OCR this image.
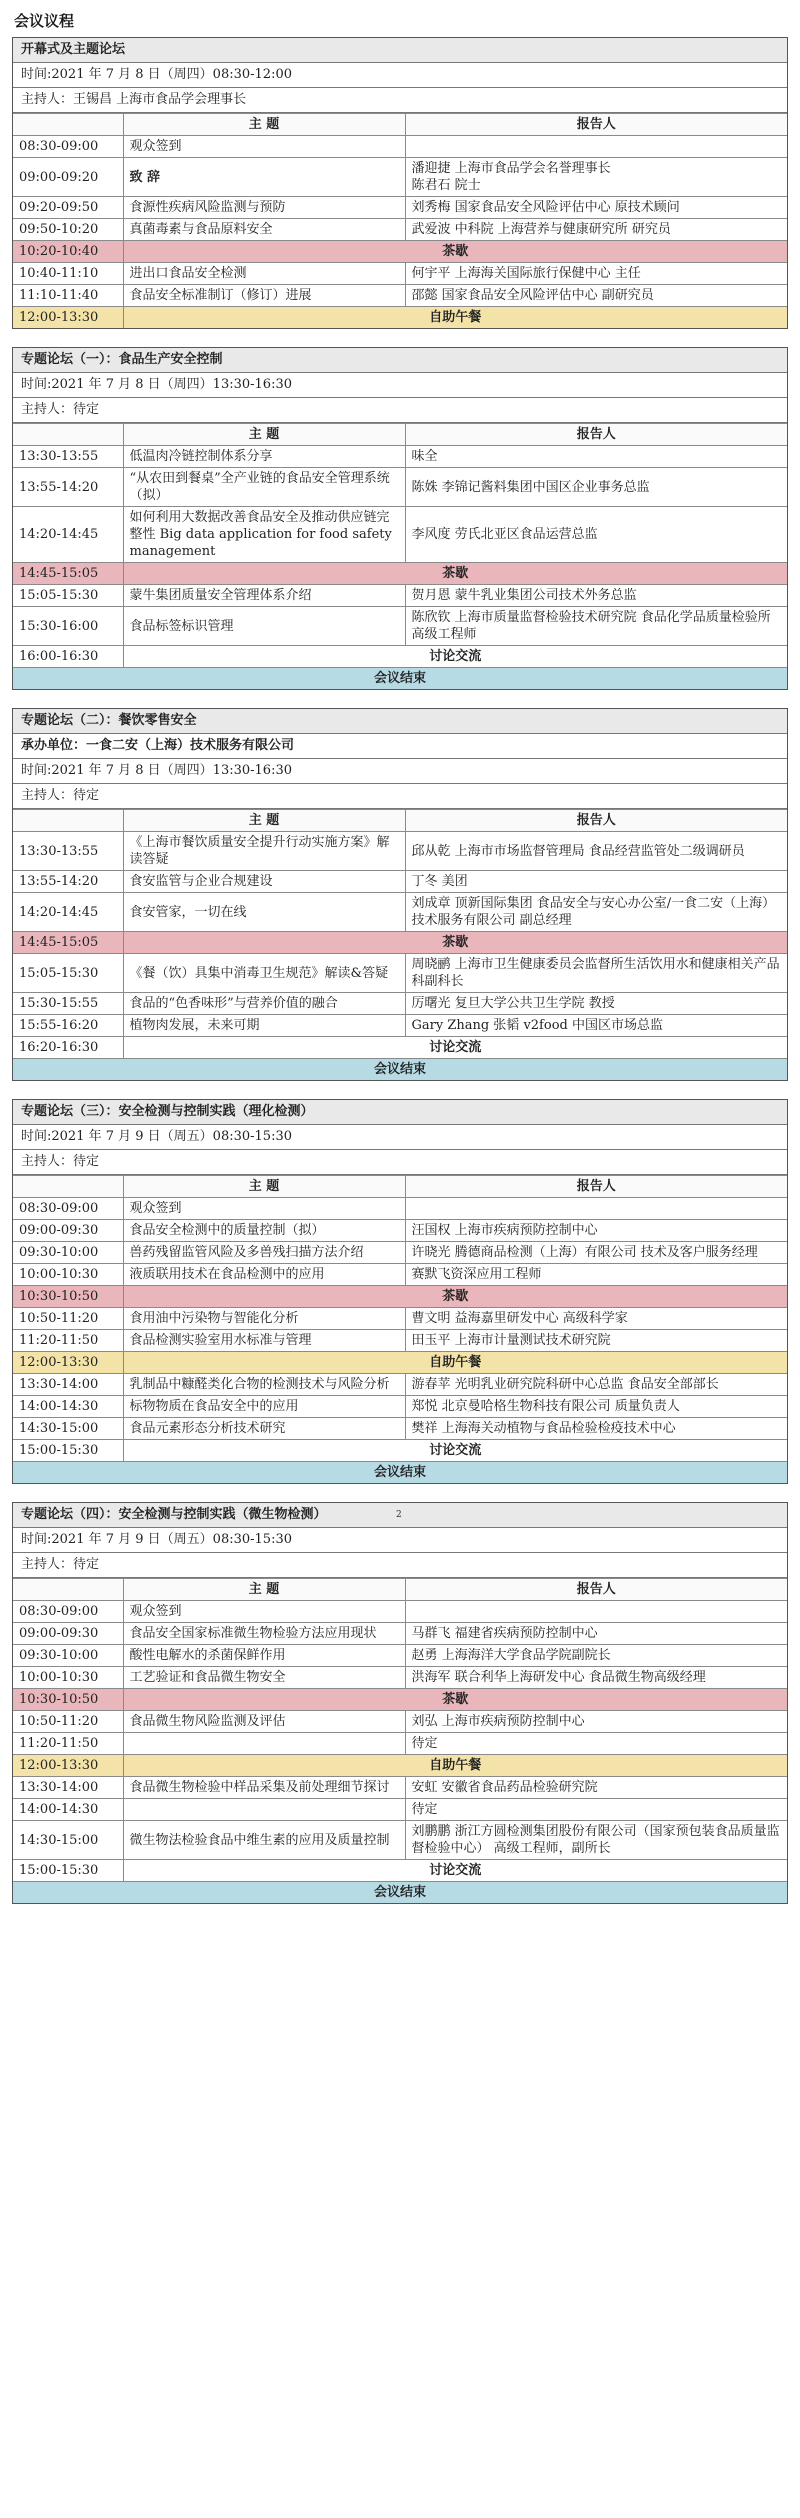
会议议程
开幕式及主题论坛
时间:2021 年 7 月 8 日（周四）08:30-12:00
主持人：王锡昌 上海市食品学会理事长
	主 题	报告人
08:30-09:00	观众签到	

09:00-09:20	致 辞	潘迎捷 上海市食品学会名誉理事长
陈君石 院士

09:20-09:50	食源性疾病风险监测与预防	刘秀梅 国家食品安全风险评估中心 原技术顾问

09:50-10:20	真菌毒素与食品原料安全	武爱波 中科院 上海营养与健康研究所 研究员

10:20-10:40	茶歇	
10:40-11:10	进出口食品安全检测	何宇平 上海海关国际旅行保健中心 主任

11:10-11:40	食品安全标准制订（修订）进展	邵懿 国家食品安全风险评估中心 副研究员

12:00-13:30	自助午餐	
专题论坛（一）：食品生产安全控制
时间:2021 年 7 月 8 日（周四）13:30-16:30
主持人：待定
	主 题	报告人
13:30-13:55	低温肉冷链控制体系分享	味全

13:55-14:20	“从农田到餐桌”全产业链的食品安全管理系统（拟）	陈姝 李锦记酱料集团中国区企业事务总监

14:20-14:45	如何利用大数据改善食品安全及推动供应链完整性 Big data application for food safety management	李风度 劳氏北亚区食品运营总监

14:45-15:05	茶歇	
15:05-15:30	蒙牛集团质量安全管理体系介绍	贺月恩 蒙牛乳业集团公司技术外务总监

15:30-16:00	食品标签标识管理	陈欣钦 上海市质量监督检验技术研究院 食品化学品质量检验所 高级工程师

16:00-16:30	讨论交流	
会议结束		
专题论坛（二）：餐饮零售安全
承办单位：一食二安（上海）技术服务有限公司
时间:2021 年 7 月 8 日（周四）13:30-16:30
主持人：待定
	主 题	报告人
13:30-13:55	《上海市餐饮质量安全提升行动实施方案》解读答疑	邱从乾 上海市市场监督管理局 食品经营监管处二级调研员

13:55-14:20	食安监管与企业合规建设	丁冬 美团

14:20-14:45	食安管家，一切在线	刘成章 顶新国际集团 食品安全与安心办公室/一食二安（上海）技术服务有限公司 副总经理

14:45-15:05	茶歇	
15:05-15:30	《餐（饮）具集中消毒卫生规范》解读&答疑	周晓鹂 上海市卫生健康委员会监督所生活饮用水和健康相关产品科副科长

15:30-15:55	食品的“色香味形”与营养价值的融合	厉曙光 复旦大学公共卫生学院 教授

15:55-16:20	植物肉发展，未来可期	Gary Zhang 张韬 v2food 中国区市场总监

16:20-16:30	讨论交流	
会议结束		
专题论坛（三）：安全检测与控制实践（理化检测）
时间:2021 年 7 月 9 日（周五）08:30-15:30
主持人：待定
	主 题	报告人
08:30-09:00	观众签到	

09:00-09:30	食品安全检测中的质量控制（拟）	汪国权 上海市疾病预防控制中心

09:30-10:00	兽药残留监管风险及多兽残扫描方法介绍	许晓光 腾德商品检测（上海）有限公司 技术及客户服务经理

10:00-10:30	液质联用技术在食品检测中的应用	赛默飞资深应用工程师

10:30-10:50	茶歇	
10:50-11:20	食用油中污染物与智能化分析	曹文明 益海嘉里研发中心 高级科学家

11:20-11:50	食品检测实验室用水标准与管理	田玉平 上海市计量测试技术研究院

12:00-13:30	自助午餐	
13:30-14:00	乳制品中糠醛类化合物的检测技术与风险分析	游春苹 光明乳业研究院科研中心总监 食品安全部部长

14:00-14:30	标物物质在食品安全中的应用	郑悦 北京曼哈格生物科技有限公司 质量负责人

14:30-15:00	食品元素形态分析技术研究	樊祥 上海海关动植物与食品检验检疫技术中心

15:00-15:30	讨论交流	
会议结束		
专题论坛（四）：安全检测与控制实践（微生物检测）
时间:2021 年 7 月 9 日（周五）08:30-15:30
主持人：待定
	主 题	报告人
08:30-09:00	观众签到	

09:00-09:30	食品安全国家标准微生物检验方法应用现状	马群飞 福建省疾病预防控制中心

09:30-10:00	酸性电解水的杀菌保鲜作用	赵勇 上海海洋大学食品学院副院长

10:00-10:30	工艺验证和食品微生物安全	洪海军 联合利华上海研发中心 食品微生物高级经理

10:30-10:50	茶歇	
10:50-11:20	食品微生物风险监测及评估	刘弘 上海市疾病预防控制中心

11:20-11:50		待定

12:00-13:30	自助午餐	
13:30-14:00	食品微生物检验中样品采集及前处理细节探讨	安虹 安徽省食品药品检验研究院

14:00-14:30		待定

14:30-15:00	微生物法检验食品中维生素的应用及质量控制	刘鹏鹏 浙江方圆检测集团股份有限公司（国家预包装食品质量监督检验中心） 高级工程师，副所长

15:00-15:30	讨论交流	
会议结束		
2
